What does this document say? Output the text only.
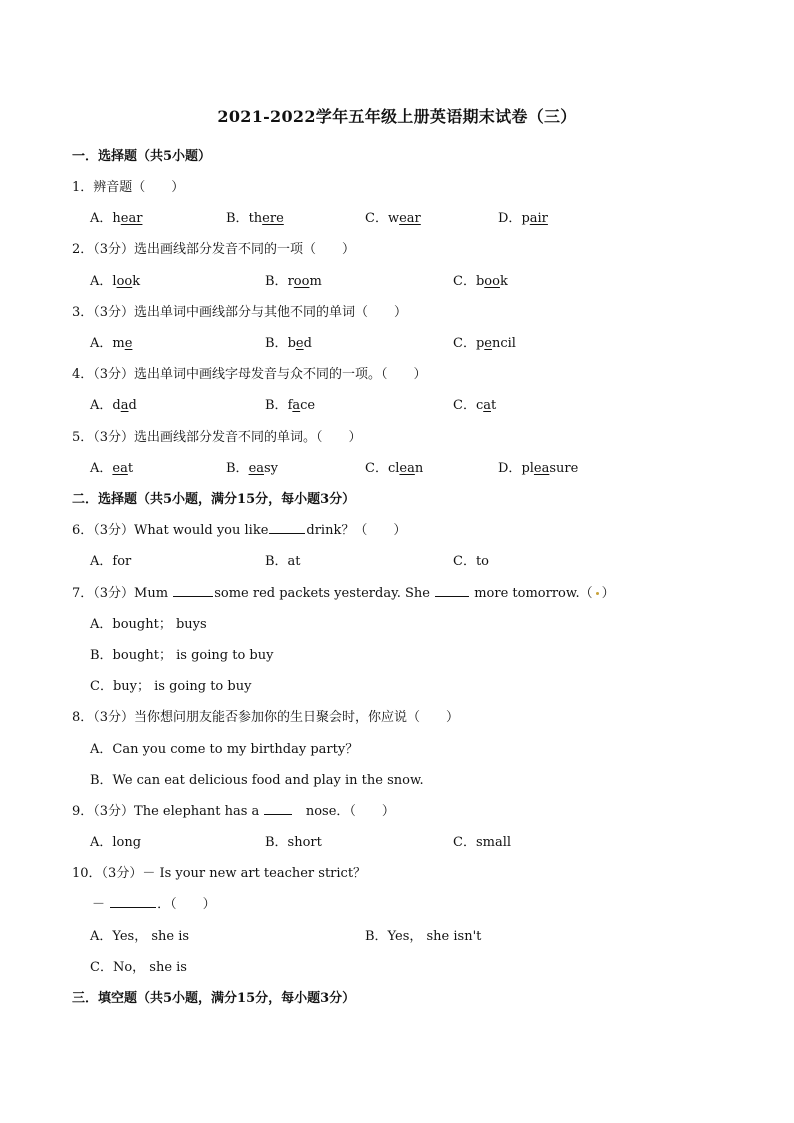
2021-2022学年五年级上册英语期末试卷（三）
一．选择题（共5小题）
1．辨音题（　　）
A．hear	B．there	C．wear	D．pair
2．（3分）选出画线部分发音不同的一项（　　）
A．look	B．room	C．book
3．（3分）选出单词中画线部分与其他不同的单词（　　）
A．me	B．bed	C．pencil
4．（3分）选出单词中画线字母发音与众不同的一项。（　　）
A．dad	B．face	C．cat
5．（3分）选出画线部分发音不同的单词。（　　）
A．eat	B．easy	C．clean	D．pleasure
二．选择题（共5小题，满分15分，每小题3分）
6．（3分）What would you like	drink？（　　）
A．for	B．at	C．to
7．（3分）Mum	some red packets yesterday. She	more tomorrow.（ ）
A．bought； buys
B．bought； is going to buy
C．buy； is going to buy
8．（3分）当你想问朋友能否参加你的生日聚会时，你应说（　　）
A．Can you come to my birthday party？
B．We can eat delicious food and play in the snow.
9．（3分）The elephant has a	nose．（　　）
A．long	B．short	C．small
10．（3分）－ Is your new art teacher strict？
－	．（　　）
A．Yes， she is	B．Yes， she isn't
C．No， she is
三．填空题（共5小题，满分15分，每小题3分）
